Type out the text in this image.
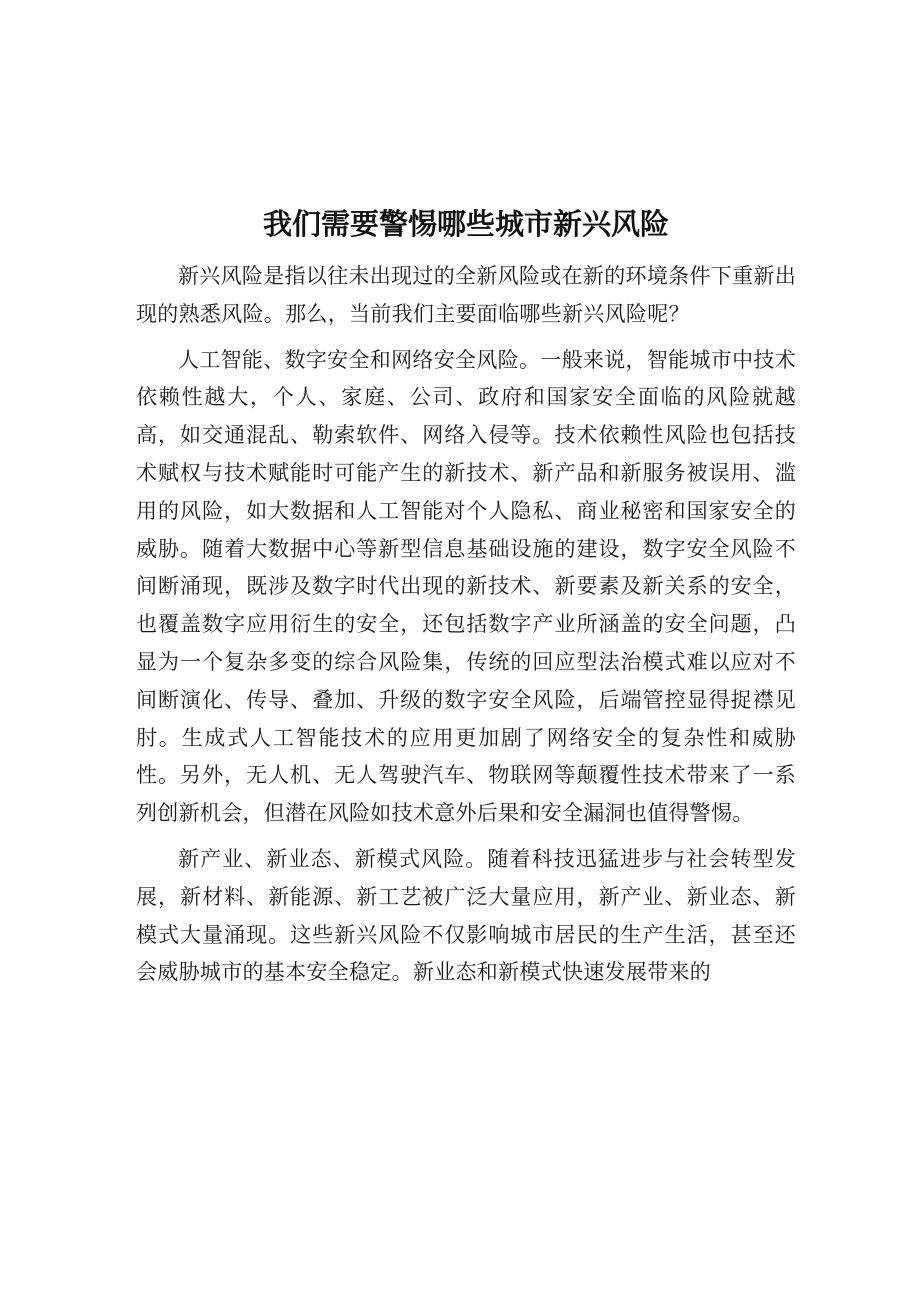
我们需要警惕哪些城市新兴风险

新兴风险是指以往未出现过的全新风险或在新的环境条件下重新出现的熟悉风险。那么，当前我们主要面临哪些新兴风险呢？

人工智能、数字安全和网络安全风险。一般来说，智能城市中技术依赖性越大，个人、家庭、公司、政府和国家安全面临的风险就越高，如交通混乱、勒索软件、网络入侵等。技术依赖性风险也包括技术赋权与技术赋能时可能产生的新技术、新产品和新服务被误用、滥用的风险，如大数据和人工智能对个人隐私、商业秘密和国家安全的威胁。随着大数据中心等新型信息基础设施的建设，数字安全风险不间断涌现，既涉及数字时代出现的新技术、新要素及新关系的安全，也覆盖数字应用衍生的安全，还包括数字产业所涵盖的安全问题，凸显为一个复杂多变的综合风险集，传统的回应型法治模式难以应对不间断演化、传导、叠加、升级的数字安全风险，后端管控显得捉襟见肘。生成式人工智能技术的应用更加剧了网络安全的复杂性和威胁性。另外，无人机、无人驾驶汽车、物联网等颠覆性技术带来了一系列创新机会，但潜在风险如技术意外后果和安全漏洞也值得警惕。

新产业、新业态、新模式风险。随着科技迅猛进步与社会转型发展，新材料、新能源、新工艺被广泛大量应用，新产业、新业态、新模式大量涌现。这些新兴风险不仅影响城市居民的生产生活，甚至还会威胁城市的基本安全稳定。新业态和新模式快速发展带来的
